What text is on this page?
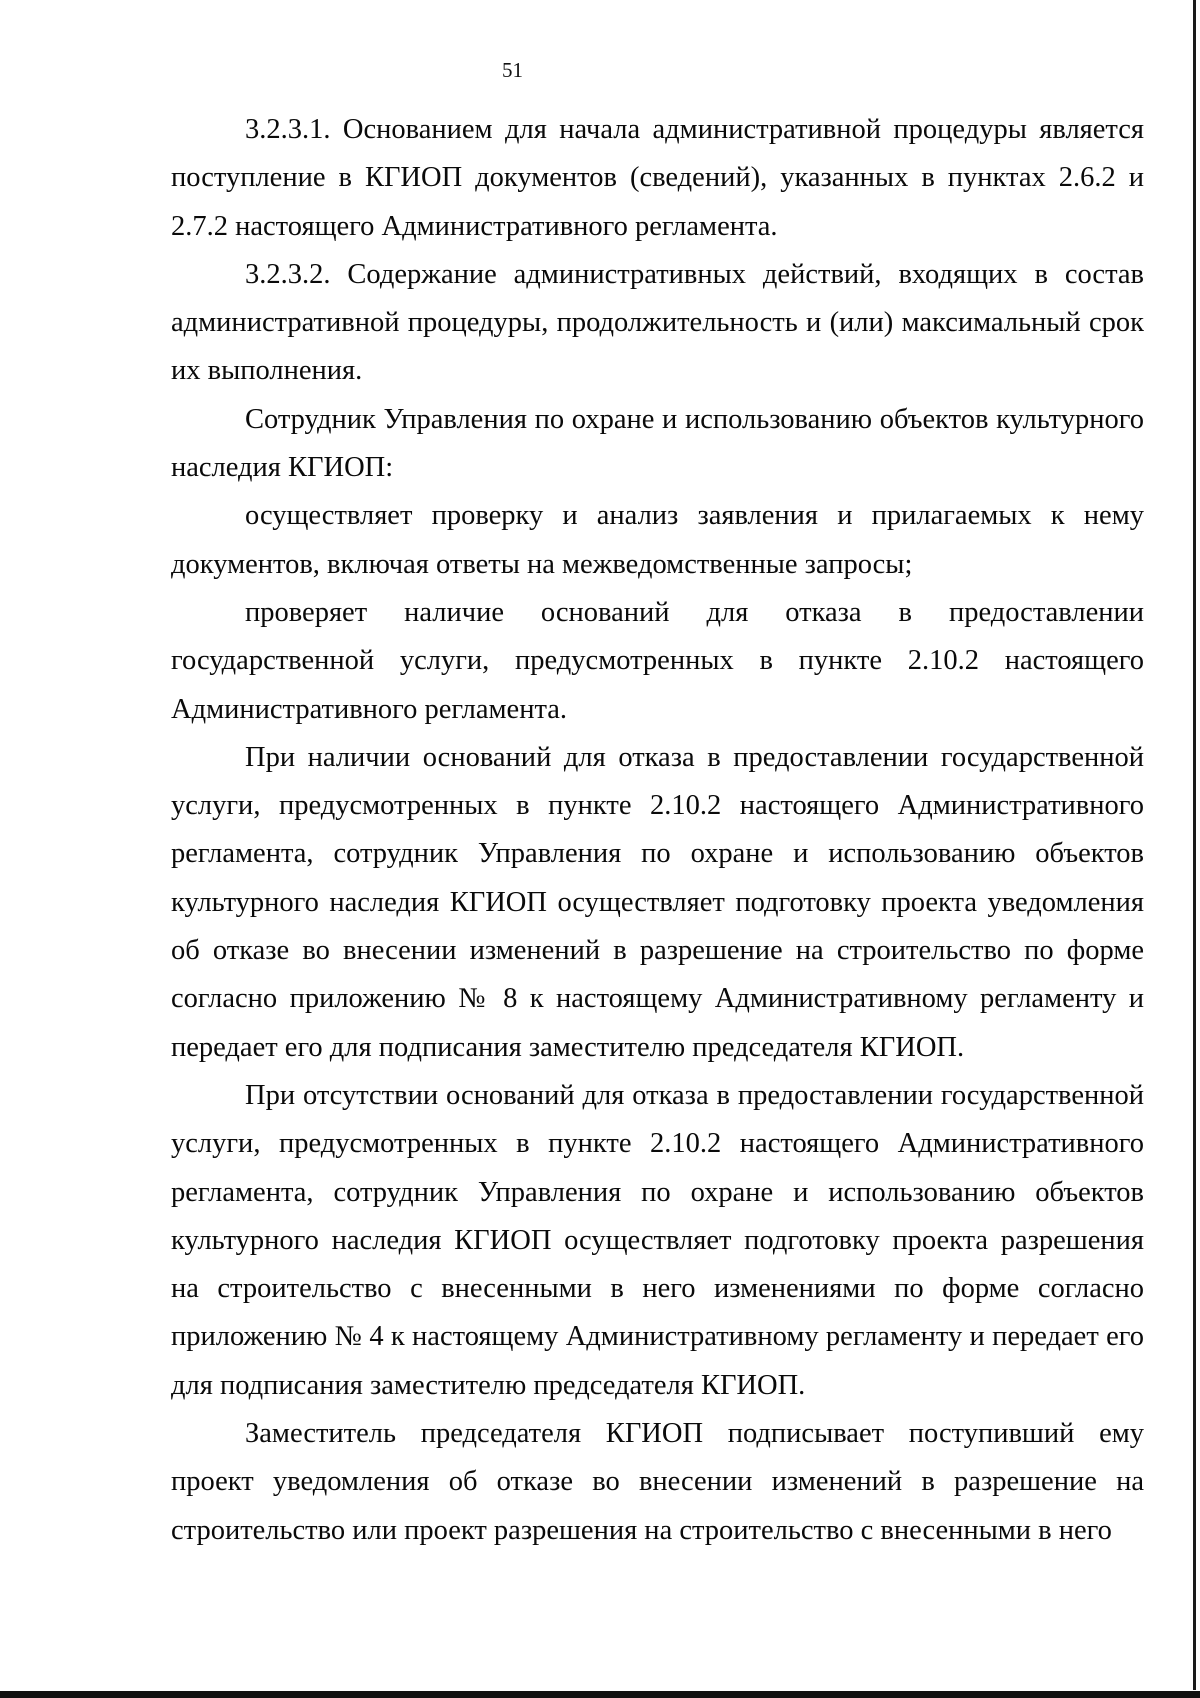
51

3.2.3.1. Основанием для начала административной процедуры является поступление в КГИОП документов (сведений), указанных в пунктах 2.6.2 и 2.7.2 настоящего Административного регламента.

3.2.3.2. Содержание административных действий, входящих в состав административной процедуры, продолжительность и (или) максимальный срок их выполнения.

Сотрудник Управления по охране и использованию объектов культурного наследия КГИОП:

осуществляет проверку и анализ заявления и прилагаемых к нему документов, включая ответы на межведомственные запросы;

проверяет наличие оснований для отказа в предоставлении государственной услуги, предусмотренных в пункте 2.10.2 настоящего Административного регламента.

При наличии оснований для отказа в предоставлении государственной услуги, предусмотренных в пункте 2.10.2 настоящего Административного регламента, сотрудник Управления по охране и использованию объектов культурного наследия КГИОП осуществляет подготовку проекта уведомления об отказе во внесении изменений в разрешение на строительство по форме согласно приложению № 8 к настоящему Административному регламенту и передает его для подписания заместителю председателя КГИОП.

При отсутствии оснований для отказа в предоставлении государственной услуги, предусмотренных в пункте 2.10.2 настоящего Административного регламента, сотрудник Управления по охране и использованию объектов культурного наследия КГИОП осуществляет подготовку проекта разрешения на строительство с внесенными в него изменениями по форме согласно приложению № 4 к настоящему Административному регламенту и передает его для подписания заместителю председателя КГИОП.

Заместитель председателя КГИОП подписывает поступивший ему проект уведомления об отказе во внесении изменений в разрешение на строительство или проект разрешения на строительство с внесенными в него
